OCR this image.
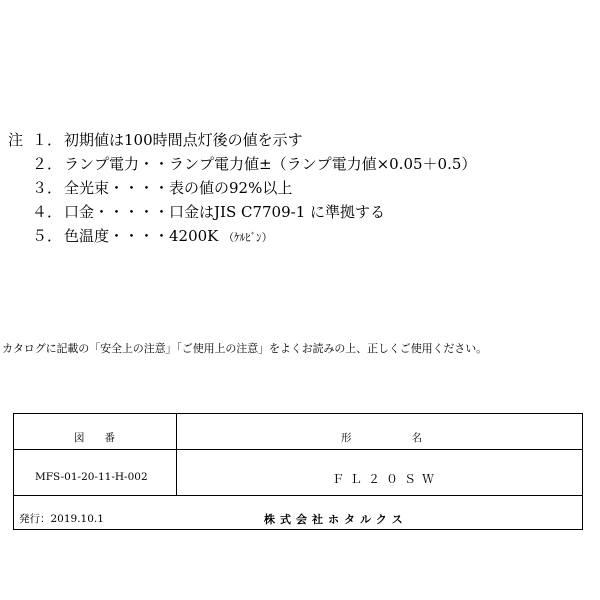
注 １． 初期値は100時間点灯後の値を示す
２． ランプ電力・・ランプ電力値±（ランプ電力値×0.05＋0.5）
３． 全光束・・・・表の値の92%以上
４． 口金・・・・・口金はJIS C7709-1 に準拠する
５． 色温度・・・・4200K （ｹﾙﾋﾞﾝ）
カタログに記載の「安全上の注意」「ご使用上の注意」をよくお読みの上、正しくご使用ください。
図番	形名
MFS-01-20-11-H-002	ＦＬ２０ＳＷ
発行：2019.10.1	株式会社ホタルクス
